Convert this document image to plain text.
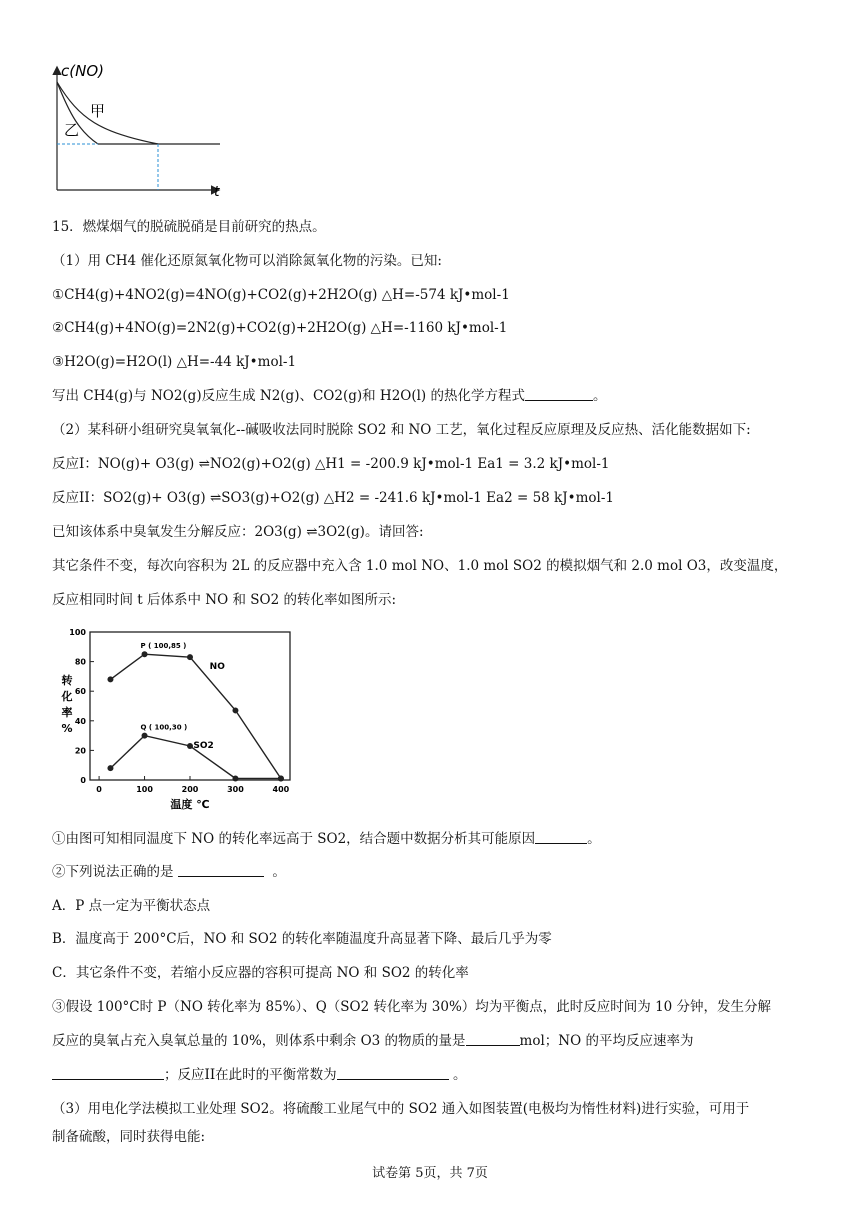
c(NO)
t
甲
乙
15．燃煤烟气的脱硫脱硝是目前研究的热点。
（1）用 CH4 催化还原氮氧化物可以消除氮氧化物的污染。已知:
①CH4(g)+4NO2(g)=4NO(g)+CO2(g)+2H2O(g) △H=-574 kJ•mol-1
②CH4(g)+4NO(g)=2N2(g)+CO2(g)+2H2O(g) △H=-1160 kJ•mol-1
③H2O(g)=H2O(l) △H=-44 kJ•mol-1
写出 CH4(g)与 NO2(g)反应生成 N2(g)、CO2(g)和 H2O(l) 的热化学方程式	。
（2）某科研小组研究臭氧氧化--碱吸收法同时脱除 SO2 和 NO 工艺，氧化过程反应原理及反应热、活化能数据如下:
反应I：NO(g)+ O3(g) ⇌NO2(g)+O2(g) △H1 = -200.9 kJ•mol-1 Ea1 = 3.2 kJ•mol-1
反应II：SO2(g)+ O3(g) ⇌SO3(g)+O2(g) △H2 = -241.6 kJ•mol-1 Ea2 = 58 kJ•mol-1
已知该体系中臭氧发生分解反应：2O3(g) ⇌3O2(g)。请回答:
其它条件不变，每次向容积为 2L 的反应器中充入含 1.0 mol NO、1.0 mol SO2 的模拟烟气和 2.0 mol O3，改变温度，
反应相同时间 t 后体系中 NO 和 SO2 的转化率如图所示:
0
20
40
60
80
100
0	100	200	300	400
NO
SO2
P ( 100,85 )
Q ( 100,30 )
温度 ℃
转
化
率
%
①由图可知相同温度下 NO 的转化率远高于 SO2，结合题中数据分析其可能原因	。
②下列说法正确的是	。
A．P 点一定为平衡状态点
B．温度高于 200°C后，NO 和 SO2 的转化率随温度升高显著下降、最后几乎为零
C．其它条件不变，若缩小反应器的容积可提高 NO 和 SO2 的转化率
③假设 100°C时 P（NO 转化率为 85%）、Q（SO2 转化率为 30%）均为平衡点，此时反应时间为 10 分钟，发生分解
反应的臭氧占充入臭氧总量的 10%，则体系中剩余 O3 的物质的量是	mol；NO 的平均反应速率为
；反应II在此时的平衡常数为	。
（3）用电化学法模拟工业处理 SO2。将硫酸工业尾气中的 SO2 通入如图装置(电极均为惰性材料)进行实验，可用于
制备硫酸，同时获得电能:
试卷第 5页，共 7页
